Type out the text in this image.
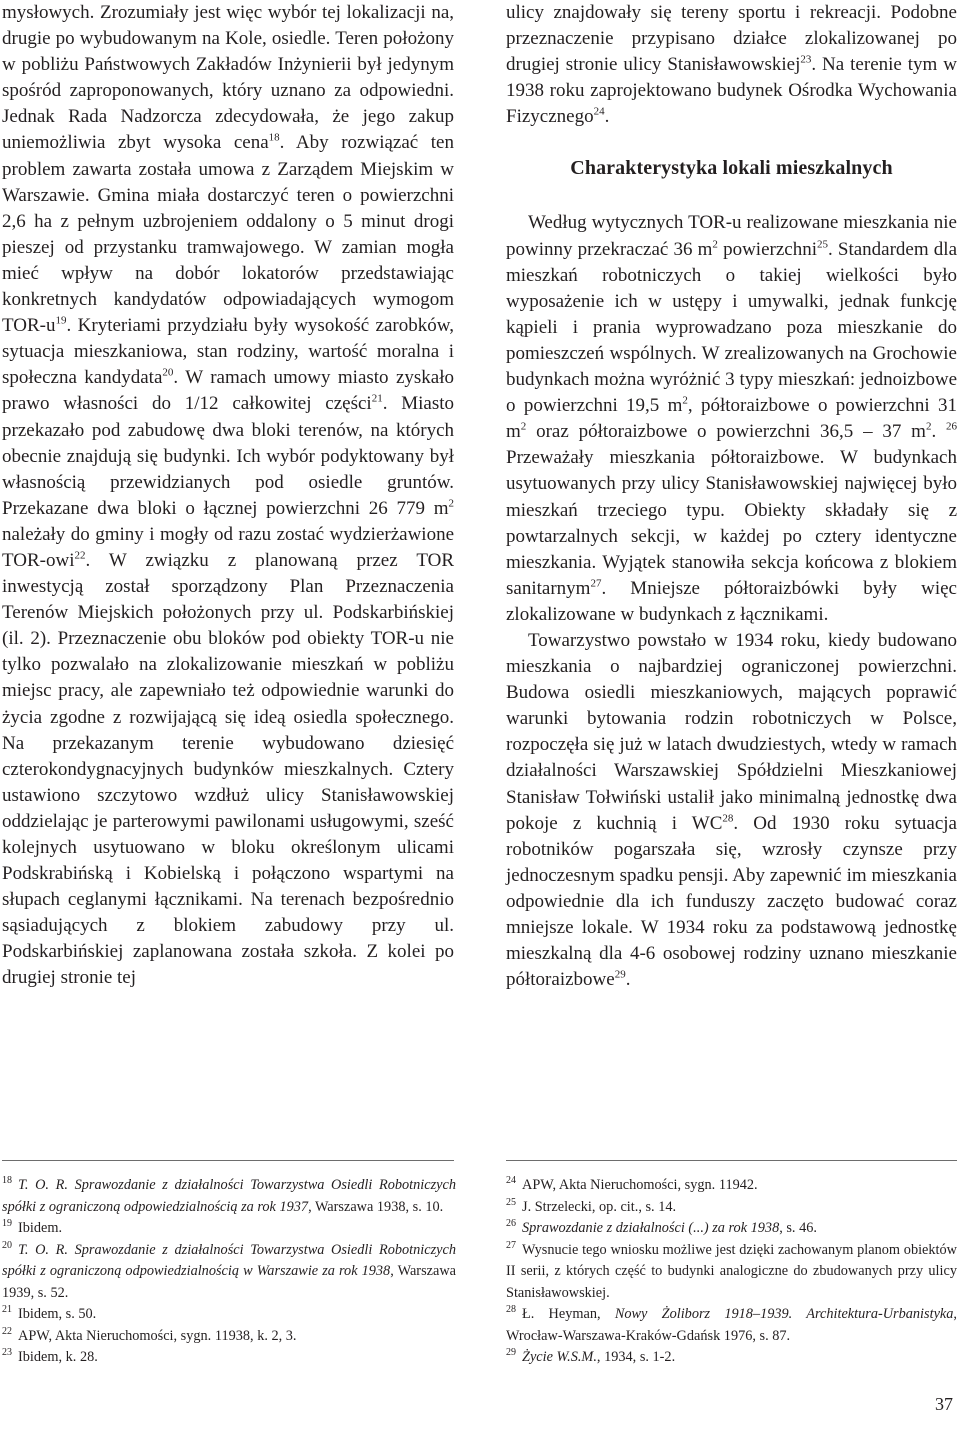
mysłowych. Zrozumiały jest więc wybór tej lokalizacji na, drugie po wybudowanym na Kole, osiedle. Teren położony w pobliżu Państwowych Zakładów Inżynierii był jedynym spośród zaproponowanych, który uznano za odpowiedni. Jednak Rada Nadzorcza zdecydowała, że jego zakup uniemożliwia zbyt wysoka cena$^{18}$. Aby rozwiązać ten problem zawarta została umowa z Zarządem Miejskim w Warszawie. Gmina miała dostarczyć teren o powierzchni 2,6 ha z pełnym uzbrojeniem oddalony o 5 minut drogi pieszej od przystanku tramwajowego. W zamian mogła mieć wpływ na dobór lokatorów przedstawiając konkretnych kandydatów odpowiadających wymogom TOR-$u^{19}$. Kryteriami przydziału były wysokość zarobków, sytuacja mieszkaniowa, stan rodziny, wartość moralna i społeczna kandydata$^{20}$. W ramach umowy miasto zyskało prawo własności do 1/12 całkowitej części$^{21}$. Miasto przekazało pod zabudowę dwa bloki terenów, na których obecnie znajdują się budynki. Ich wybór podyktowany był własnością przewidzianych pod osiedle gruntów. Przekazane dwa bloki o łącznej powierzchni 26 779 $m^2$ należały do gminy i mogły od razu zostać wydzierżawione TOR-owi$^{22}$. W związku z planowaną przez TOR inwestycją został sporządzony Plan Przeznaczenia Terenów Miejskich położonych przy ul. Podskarbińskiej (il. 2). Przeznaczenie obu bloków pod obiekty TOR-u nie tylko pozwalało na zlokalizowanie mieszkań w pobliżu miejsc pracy, ale zapewniało też odpowiednie warunki do życia zgodne z rozwijającą się ideą osiedla społecznego. Na przekazanym terenie wybudowano dziesięć czterokondygnacyjnych budynków mieszkalnych. Cztery ustawiono szczytowo wzdłuż ulicy Stanisławowskiej oddzielając je parterowymi pawilonami usługowymi, sześć kolejnych usytuowano w bloku określonym ulicami Podskrabińską i Kobielską i połączono wspartymi na słupach ceglanymi łącznikami. Na terenach bezpośrednio sąsiadujących z blokiem zabudowy przy ul. Podskarbińskiej zaplanowana została szkoła. Z kolei po drugiej stronie tej

ulicy znajdowały się tereny sportu i rekreacji. Podobne przeznaczenie przypisano działce zlokalizowanej po drugiej stronie ulicy Stanisławowskiej$^{23}$. Na terenie tym w 1938 roku zaprojektowano budynek Ośrodka Wychowania Fizycznego$^{24}$.

Charakterystyka lokali mieszkalnych

Według wytycznych TOR-u realizowane mieszkania nie powinny przekraczać 36 $m^2$ powierzchni$^{25}$. Standardem dla mieszkań robotniczych o takiej wielkości było wyposażenie ich w ustępy i umywalki, jednak funkcję kąpieli i prania wyprowadzano poza mieszkanie do pomieszczeń wspólnych. W zrealizowanych na Grochowie budynkach można wyróżnić 3 typy mieszkań: jednoizbowe o powierzchni 19,5 $m^2$, półtoraizbowe o powierzchni 31 $m^2$ oraz półtoraizbowe o powierzchni 36,5 – 37 $m^2$. $^{26}$ Przeważały mieszkania półtoraizbowe. W budynkach usytuowanych przy ulicy Stanisławowskiej najwięcej było mieszkań trzeciego typu. Obiekty składały się z powtarzalnych sekcji, w każdej po cztery identyczne mieszkania. Wyjątek stanowiła sekcja końcowa z blokiem sanitarnym$^{27}$. Mniejsze półtoraizbówki były więc zlokalizowane w budynkach z łącznikami.

Towarzystwo powstało w 1934 roku, kiedy budowano mieszkania o najbardziej ograniczonej powierzchni. Budowa osiedli mieszkaniowych, mających poprawić warunki bytowania rodzin robotniczych w Polsce, rozpoczęła się już w latach dwudziestych, wtedy w ramach działalności Warszawskiej Spółdzielni Mieszkaniowej Stanisław Tołwiński ustalił jako minimalną jednostkę dwa pokoje z kuchnią i WC$^{28}$. Od 1930 roku sytuacja robotników pogarszała się, wzrosły czynsze przy jednoczesnym spadku pensji. Aby zapewnić im mieszkania odpowiednie dla ich funduszy zaczęto budować coraz mniejsze lokale. W 1934 roku za podstawową jednostkę mieszkalną dla 4-6 osobowej rodziny uznano mieszkanie półtoraizbowe$^{29}$.

$^{18}$ T. O. R. Sprawozdanie z działalności Towarzystwa Osiedli Robotniczych spółki z ograniczoną odpowiedzialnością za rok 1937, Warszawa 1938, s. 10.

$^{19}$ Ibidem.

$^{20}$ T. O. R. Sprawozdanie z działalności Towarzystwa Osiedli Robotniczych spółki z ograniczoną odpowiedzialnością w Warszawie za rok 1938, Warszawa 1939, s. 52.

$^{21}$ Ibidem, s. 50.

$^{22}$ APW, Akta Nieruchomości, sygn. 11938, k. 2, 3.

$^{23}$ Ibidem, k. 28.

$^{24}$ APW, Akta Nieruchomości, sygn. 11942.

$^{25}$ J. Strzelecki, op. cit., s. 14.

$^{26}$ Sprawozdanie z działalności (...) za rok 1938, s. 46.

$^{27}$ Wysnucie tego wniosku możliwe jest dzięki zachowanym planom obiektów II serii, z których część to budynki analogiczne do zbudowanych przy ulicy Stanisławowskiej.

$^{28}$ Ł. Heyman, Nowy Żoliborz 1918–1939. Architektura-Urbanistyka, Wrocław-Warszawa-Kraków-Gdańsk 1976, s. 87.

$^{29}$ Życie W.S.M., 1934, s. 1-2.

37
